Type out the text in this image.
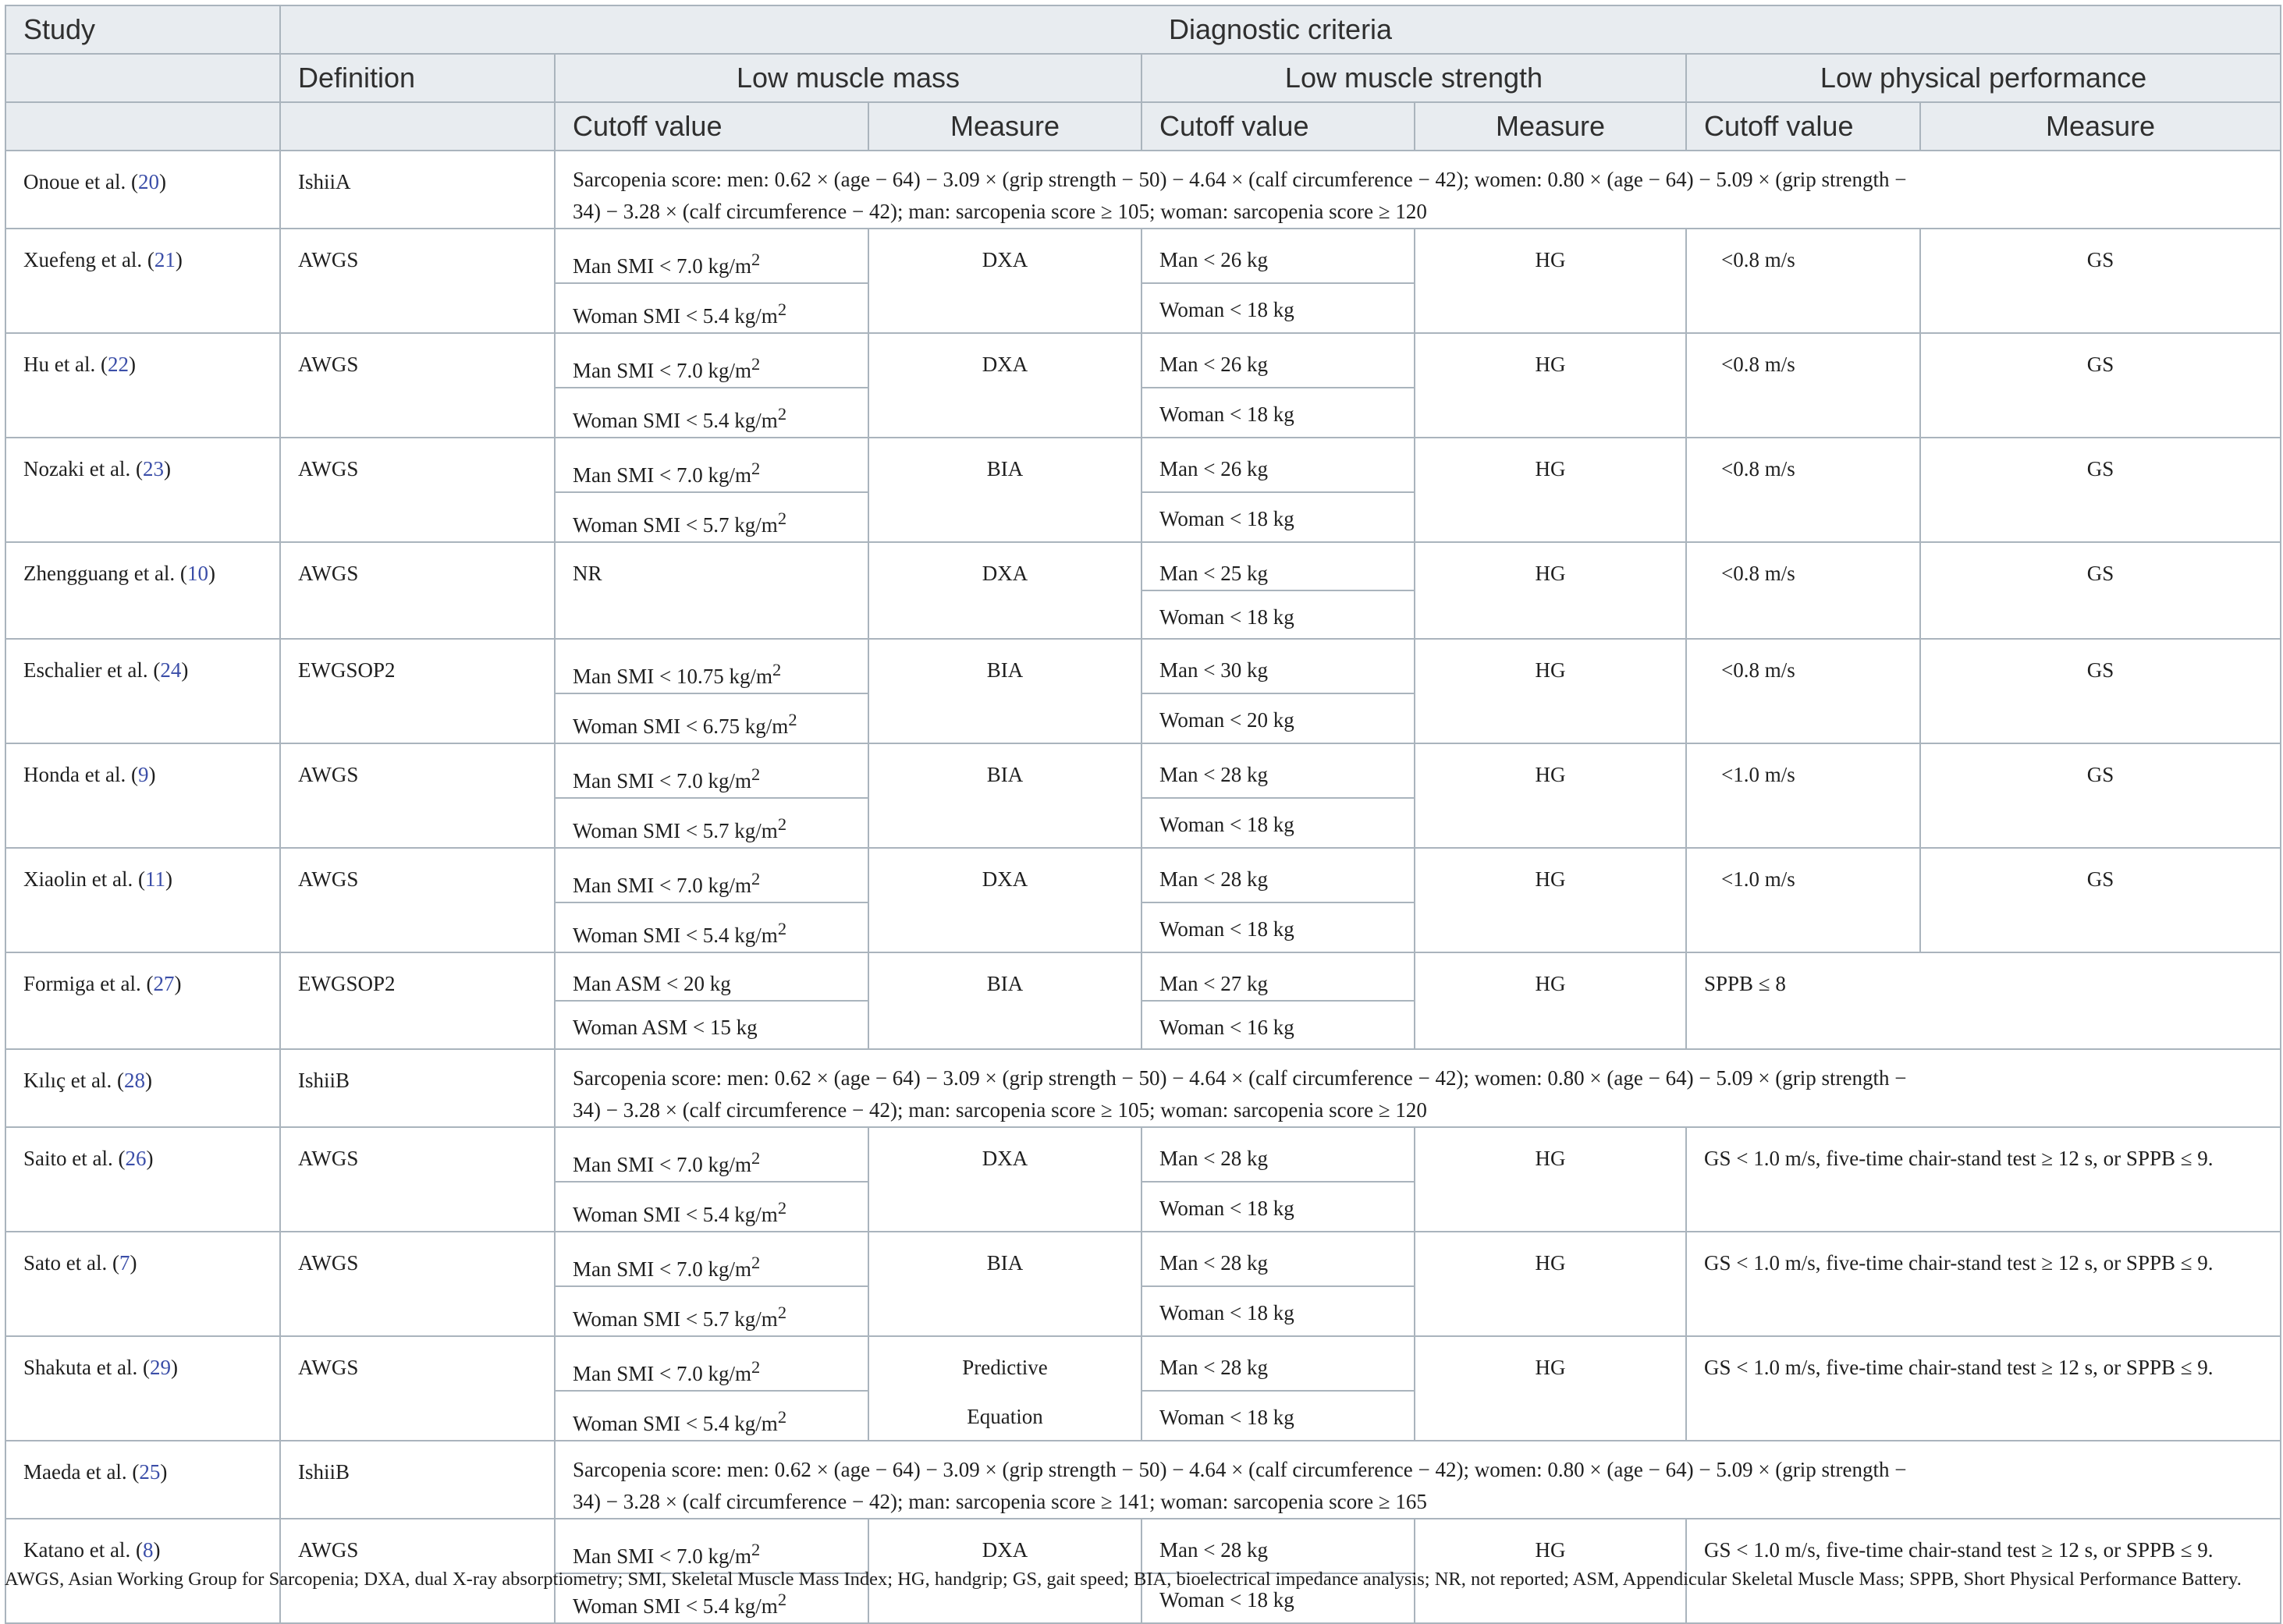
Study	Diagnostic criteria						
	Definition	Low muscle mass		Low muscle strength		Low physical performance	
		Cutoff value	Measure	Cutoff value	Measure	Cutoff value	Measure
Onoue et al. (20)	IshiiA	Sarcopenia score: men: 0.62 × (age − 64) − 3.09 × (grip strength − 50) − 4.64 × (calf circumference − 42); women: 0.80 × (age − 64) − 5.09 × (grip strength − 34) − 3.28 × (calf circumference − 42); man: sarcopenia score ≥ 105; woman: sarcopenia score ≥ 120					
Xuefeng et al. (21)	AWGS	Man SMI < 7.0 $kg/m^2$	DXA	Man < 26 kg	HG	<0.8 m/s	GS
		Woman SMI < 5.4 $kg/m^2$		Woman < 18 kg			
Hu et al. (22)	AWGS	Man SMI < 7.0 $kg/m^2$	DXA	Man < 26 kg	HG	<0.8 m/s	GS
		Woman SMI < 5.4 $kg/m^2$		Woman < 18 kg			
Nozaki et al. (23)	AWGS	Man SMI < 7.0 $kg/m^2$	BIA	Man < 26 kg	HG	<0.8 m/s	GS
		Woman SMI < 5.7 $kg/m^2$		Woman < 18 kg			
Zhengguang et al. (10)	AWGS	NR	DXA	Man < 25 kg	HG	<0.8 m/s	GS
				Woman < 18 kg			
Eschalier et al. (24)	EWGSOP2	Man SMI < 10.75 $kg/m^2$	BIA	Man < 30 kg	HG	<0.8 m/s	GS
		Woman SMI < 6.75 $kg/m^2$		Woman < 20 kg			
Honda et al. (9)	AWGS	Man SMI < 7.0 $kg/m^2$	BIA	Man < 28 kg	HG	<1.0 m/s	GS
		Woman SMI < 5.7 $kg/m^2$		Woman < 18 kg			
Xiaolin et al. (11)	AWGS	Man SMI < 7.0 $kg/m^2$	DXA	Man < 28 kg	HG	<1.0 m/s	GS
		Woman SMI < 5.4 $kg/m^2$		Woman < 18 kg			
Formiga et al. (27)	EWGSOP2	Man ASM < 20 kg	BIA	Man < 27 kg	HG	SPPB ≤ 8	
		Woman ASM < 15 kg		Woman < 16 kg			
Kılıç et al. (28)	IshiiB	Sarcopenia score: men: 0.62 × (age − 64) − 3.09 × (grip strength − 50) − 4.64 × (calf circumference − 42); women: 0.80 × (age − 64) − 5.09 × (grip strength − 34) − 3.28 × (calf circumference − 42); man: sarcopenia score ≥ 105; woman: sarcopenia score ≥ 120					
Saito et al. (26)	AWGS	Man SMI < 7.0 $kg/m^2$	DXA	Man < 28 kg	HG	GS < 1.0 m/s, five-time chair-stand test ≥ 12 s, or SPPB ≤ 9.	
		Woman SMI < 5.4 $kg/m^2$		Woman < 18 kg			
Sato et al. (7)	AWGS	Man SMI < 7.0 $kg/m^2$	BIA	Man < 28 kg	HG	GS < 1.0 m/s, five-time chair-stand test ≥ 12 s, or SPPB ≤ 9.	
		Woman SMI < 5.7 $kg/m^2$		Woman < 18 kg			
Shakuta et al. (29)	AWGS	Man SMI < 7.0 $kg/m^2$	Predictive	Man < 28 kg	HG	GS < 1.0 m/s, five-time chair-stand test ≥ 12 s, or SPPB ≤ 9.	
		Woman SMI < 5.4 $kg/m^2$	Equation	Woman < 18 kg			
Maeda et al. (25)	IshiiB	Sarcopenia score: men: 0.62 × (age − 64) − 3.09 × (grip strength − 50) − 4.64 × (calf circumference − 42); women: 0.80 × (age − 64) − 5.09 × (grip strength − 34) − 3.28 × (calf circumference − 42); man: sarcopenia score ≥ 141; woman: sarcopenia score ≥ 165					
Katano et al. (8)	AWGS	Man SMI < 7.0 $kg/m^2$	DXA	Man < 28 kg	HG	GS < 1.0 m/s, five-time chair-stand test ≥ 12 s, or SPPB ≤ 9.	
		Woman SMI < 5.4 $kg/m^2$		Woman < 18 kg			
AWGS, Asian Working Group for Sarcopenia; DXA, dual X-ray absorptiometry; SMI, Skeletal Muscle Mass Index; HG, handgrip; GS, gait speed; BIA, bioelectrical impedance analysis; NR, not reported; ASM, Appendicular Skeletal Muscle Mass; SPPB, Short Physical Performance Battery.
